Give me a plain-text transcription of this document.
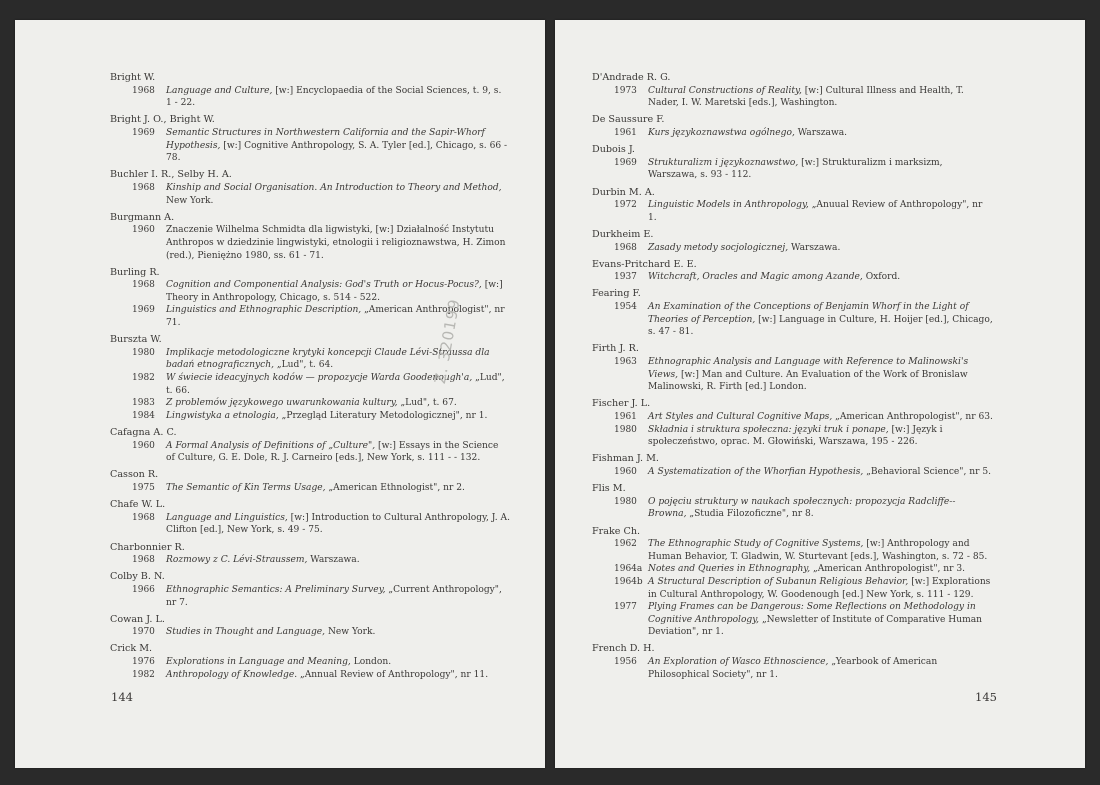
Bright W.
1968 Language and Culture, [w:] Encyclopaedia of the Social Sciences, t. 9, s. 1 - 22.
Bright J. O., Bright W.
1969 Semantic Structures in Northwestern California and the Sapir-Whorf Hypothesis, [w:] Cognitive Anthropology, S. A. Tyler [ed.], Chicago, s. 66 - 78.
Buchler I. R., Selby H. A.
1968 Kinship and Social Organisation. An Introduction to Theory and Method, New York.
Burgmann A.
1960 Znaczenie Wilhelma Schmidta dla ligwistyki, [w:] Działalność Instytutu Anthropos w dziedzinie lingwistyki, etnologii i religioznawstwa, H. Zimon (red.), Pieniężno 1980, ss. 61 - 71.
Burling R.
1968 Cognition and Componential Analysis: God's Truth or Hocus-Pocus?, [w:] Theory in Anthropology, Chicago, s. 514 - 522.
1969 Linguistics and Ethnographic Description, „American Anthropologist", nr 71.
Burszta W.
1980 Implikacje metodologiczne krytyki koncepcji Claude Lévi-Straussa dla badań etnograficznych, „Lud", t. 64.
1982 W świecie ideacyjnych kodów — propozycje Warda Goodenough'a, „Lud", t. 66.
1983 Z problemów językowego uwarunkowania kultury, „Lud", t. 67.
1984 Lingwistyka a etnologia, „Przegląd Literatury Metodologicznej", nr 1.
Cafagna A. C.
1960 A Formal Analysis of Definitions of „Culture", [w:] Essays in the Science of Culture, G. E. Dole, R. J. Carneiro [eds.], New York, s. 111 - - 132.
Casson R.
1975 The Semantic of Kin Terms Usage, „American Ethnologist", nr 2.
Chafe W. L.
1968 Language and Linguistics, [w:] Introduction to Cultural Anthropology, J. A. Clifton [ed.], New York, s. 49 - 75.
Charbonnier R.
1968 Rozmowy z C. Lévi-Straussem, Warszawa.
Colby B. N.
1966 Ethnographic Semantics: A Preliminary Survey, „Current Anthropology", nr 7.
Cowan J. L.
1970 Studies in Thought and Language, New York.
Crick M.
1976 Explorations in Language and Meaning, London.
1982 Anthropology of Knowledge. „Annual Review of Anthropology", nr 11.
144
Z. 320199
D'Andrade R. G.
1973 Cultural Constructions of Reality, [w:] Cultural Illness and Health, T. Nader, I. W. Maretski [eds.], Washington.
De Saussure F.
1961 Kurs językoznawstwa ogólnego, Warszawa.
Dubois J.
1969 Strukturalizm i językoznawstwo, [w:] Strukturalizm i marksizm, Warszawa, s. 93 - 112.
Durbin M. A.
1972 Linguistic Models in Anthropology, „Anuual Review of Anthropology", nr 1.
Durkheim E.
1968 Zasady metody socjologicznej, Warszawa.
Evans-Pritchard E. E.
1937 Witchcraft, Oracles and Magic among Azande, Oxford.
Fearing F.
1954 An Examination of the Conceptions of Benjamin Whorf in the Light of Theories of Perception, [w:] Language in Culture, H. Hoijer [ed.], Chicago, s. 47 - 81.
Firth J. R.
1963 Ethnographic Analysis and Language with Reference to Malinowski's Views, [w:] Man and Culture. An Evaluation of the Work of Bronislaw Malinowski, R. Firth [ed.] London.
Fischer J. L.
1961 Art Styles and Cultural Cognitive Maps, „American Anthropologist", nr 63.
1980 Składnia i struktura społeczna: języki truk i ponape, [w:] Język i społeczeństwo, oprac. M. Głowiński, Warszawa, 195 - 226.
Fishman J. M.
1960 A Systematization of the Whorfian Hypothesis, „Behavioral Science", nr 5.
Flis M.
1980 O pojęciu struktury w naukach społecznych: propozycja Radcliffe--Browna, „Studia Filozoficzne", nr 8.
Frake Ch.
1962 The Ethnographic Study of Cognitive Systems, [w:] Anthropology and Human Behavior, T. Gladwin, W. Sturtevant [eds.], Washington, s. 72 - 85.
1964a Notes and Queries in Ethnography, „American Anthropologist", nr 3.
1964b A Structural Description of Subanun Religious Behavior, [w:] Explorations in Cultural Anthropology, W. Goodenough [ed.] New York, s. 111 - 129.
1977 Plying Frames can be Dangerous: Some Reflections on Methodology in Cognitive Anthropology, „Newsletter of Institute of Comparative Human Deviation", nr 1.
French D. H.
1956 An Exploration of Wasco Ethnoscience, „Yearbook of American Philosophical Society", nr 1.
145
